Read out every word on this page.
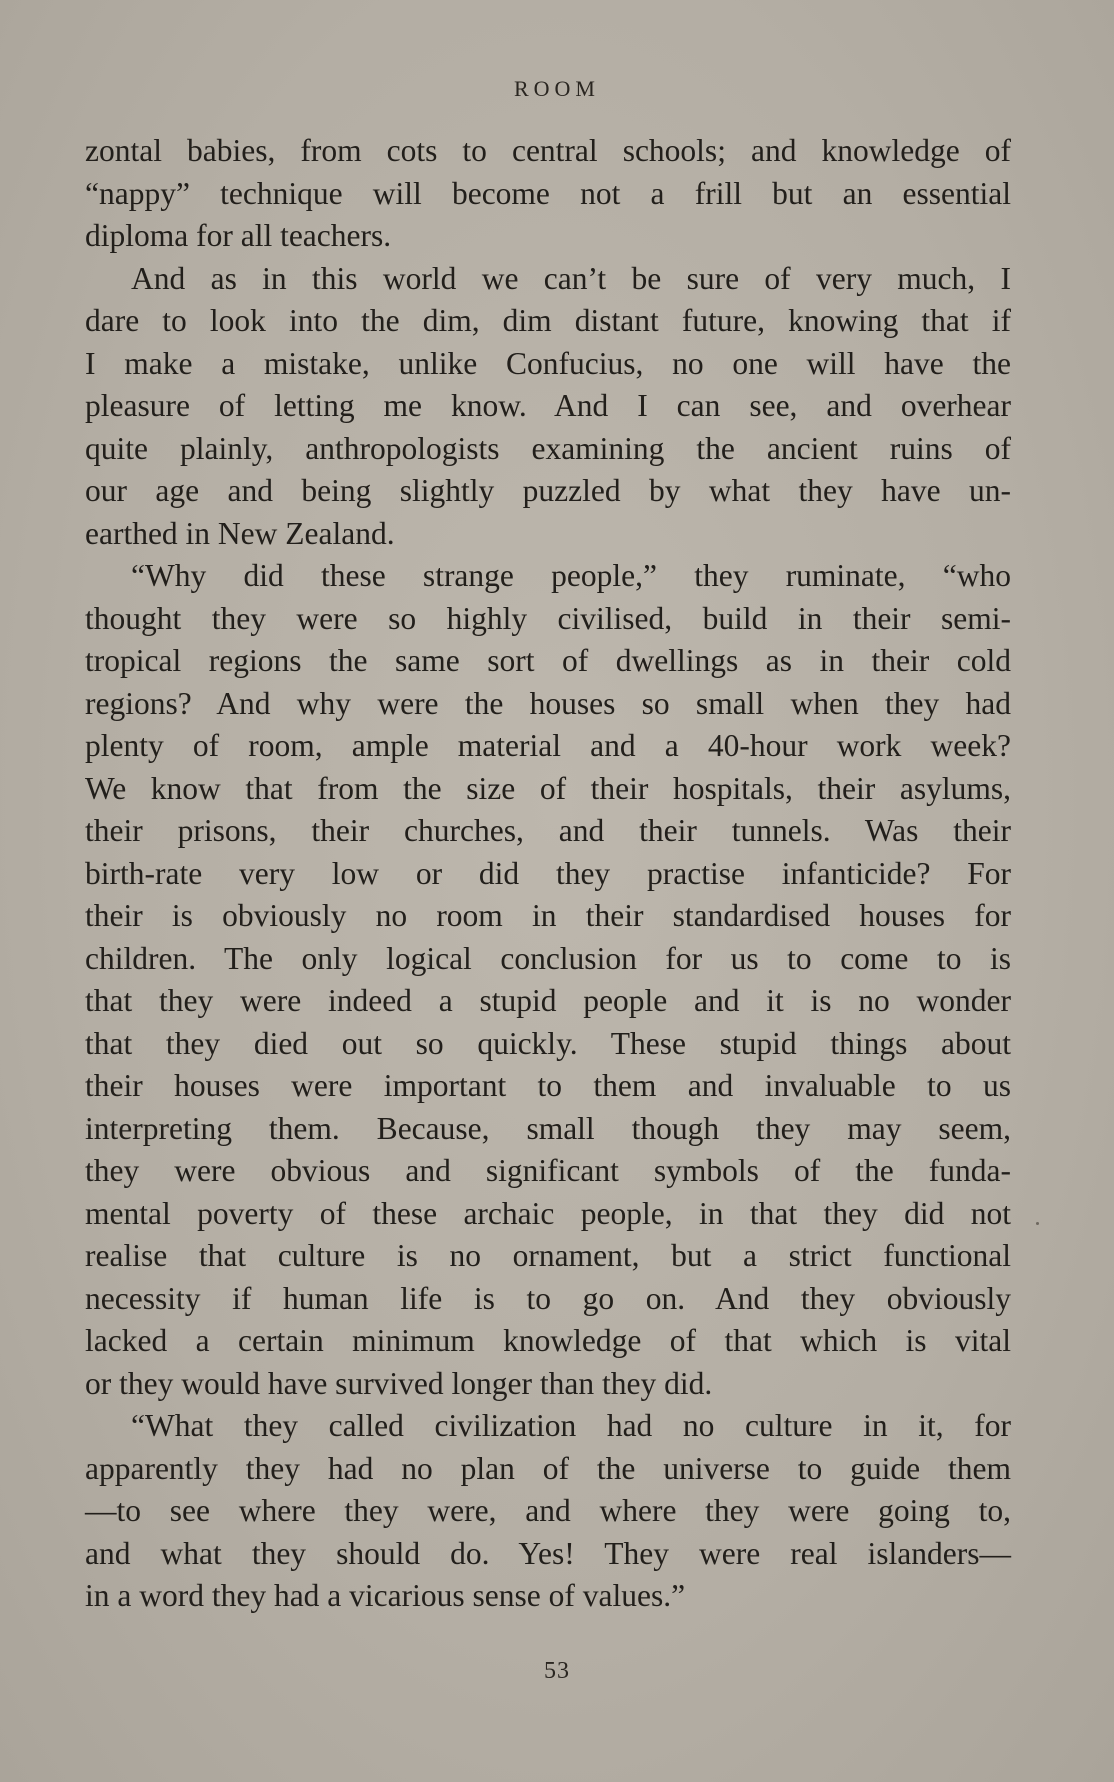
ROOM
zontal babies, from cots to central schools; and knowledge of
“nappy” technique will become not a frill but an essential
diploma for all teachers.
And as in this world we can’t be sure of very much, I
dare to look into the dim, dim distant future, knowing that if
I make a mistake, unlike Confucius, no one will have the
pleasure of letting me know. And I can see, and overhear
quite plainly, anthropologists examining the ancient ruins of
our age and being slightly puzzled by what they have un-
earthed in New Zealand.
“Why did these strange people,” they ruminate, “who
thought they were so highly civilised, build in their semi-
tropical regions the same sort of dwellings as in their cold
regions? And why were the houses so small when they had
plenty of room, ample material and a 40-hour work week?
We know that from the size of their hospitals, their asylums,
their prisons, their churches, and their tunnels. Was their
birth-rate very low or did they practise infanticide? For
their is obviously no room in their standardised houses for
children. The only logical conclusion for us to come to is
that they were indeed a stupid people and it is no wonder
that they died out so quickly. These stupid things about
their houses were important to them and invaluable to us
interpreting them. Because, small though they may seem,
they were obvious and significant symbols of the funda-
mental poverty of these archaic people, in that they did not
realise that culture is no ornament, but a strict functional
necessity if human life is to go on. And they obviously
lacked a certain minimum knowledge of that which is vital
or they would have survived longer than they did.
“What they called civilization had no culture in it, for
apparently they had no plan of the universe to guide them
—to see where they were, and where they were going to,
and what they should do. Yes! They were real islanders—
in a word they had a vicarious sense of values.”
53
